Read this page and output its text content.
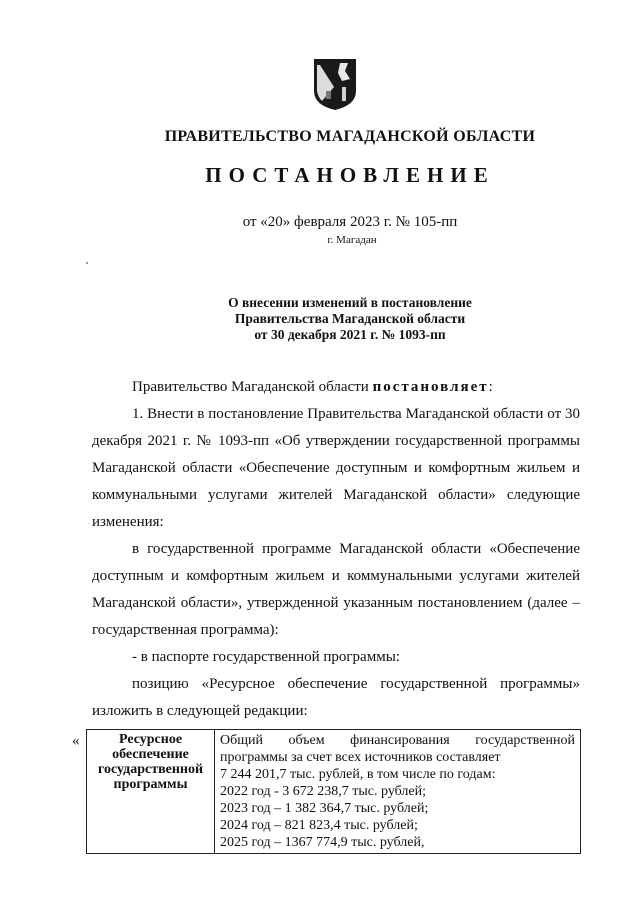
ПРАВИТЕЛЬСТВО МАГАДАНСКОЙ ОБЛАСТИ
ПОСТАНОВЛЕНИЕ
от «20» февраля 2023 г. № 105-пп
г. Магадан
О внесении изменений в постановление
Правительства Магаданской области
от 30 декабря 2021 г. № 1093-пп
Правительство Магаданской области постановляет:
1. Внести в постановление Правительства Магаданской области от 30 декабря 2021 г. № 1093-пп «Об утверждении государственной программы Магаданской области «Обеспечение доступным и комфортным жильем и коммунальными услугами жителей Магаданской области» следующие изменения:
в государственной программе Магаданской области «Обеспечение доступным и комфортным жильем и коммунальными услугами жителей Магаданской области», утвержденной указанным постановлением (далее – государственная программа):
- в паспорте государственной программы:
позицию «Ресурсное обеспечение государственной программы» изложить в следующей редакции:
«	Ресурсное обеспечение государственной программы	
Общий объем финансирования государственной
программы за счет всех источников составляет
7 244 201,7 тыс. рублей, в том числе по годам:
2022 год - 3 672 238,7 тыс. рублей;
2023 год – 1 382 364,7 тыс. рублей;
2024 год – 821 823,4 тыс. рублей;
2025 год – 1367 774,9 тыс. рублей,
